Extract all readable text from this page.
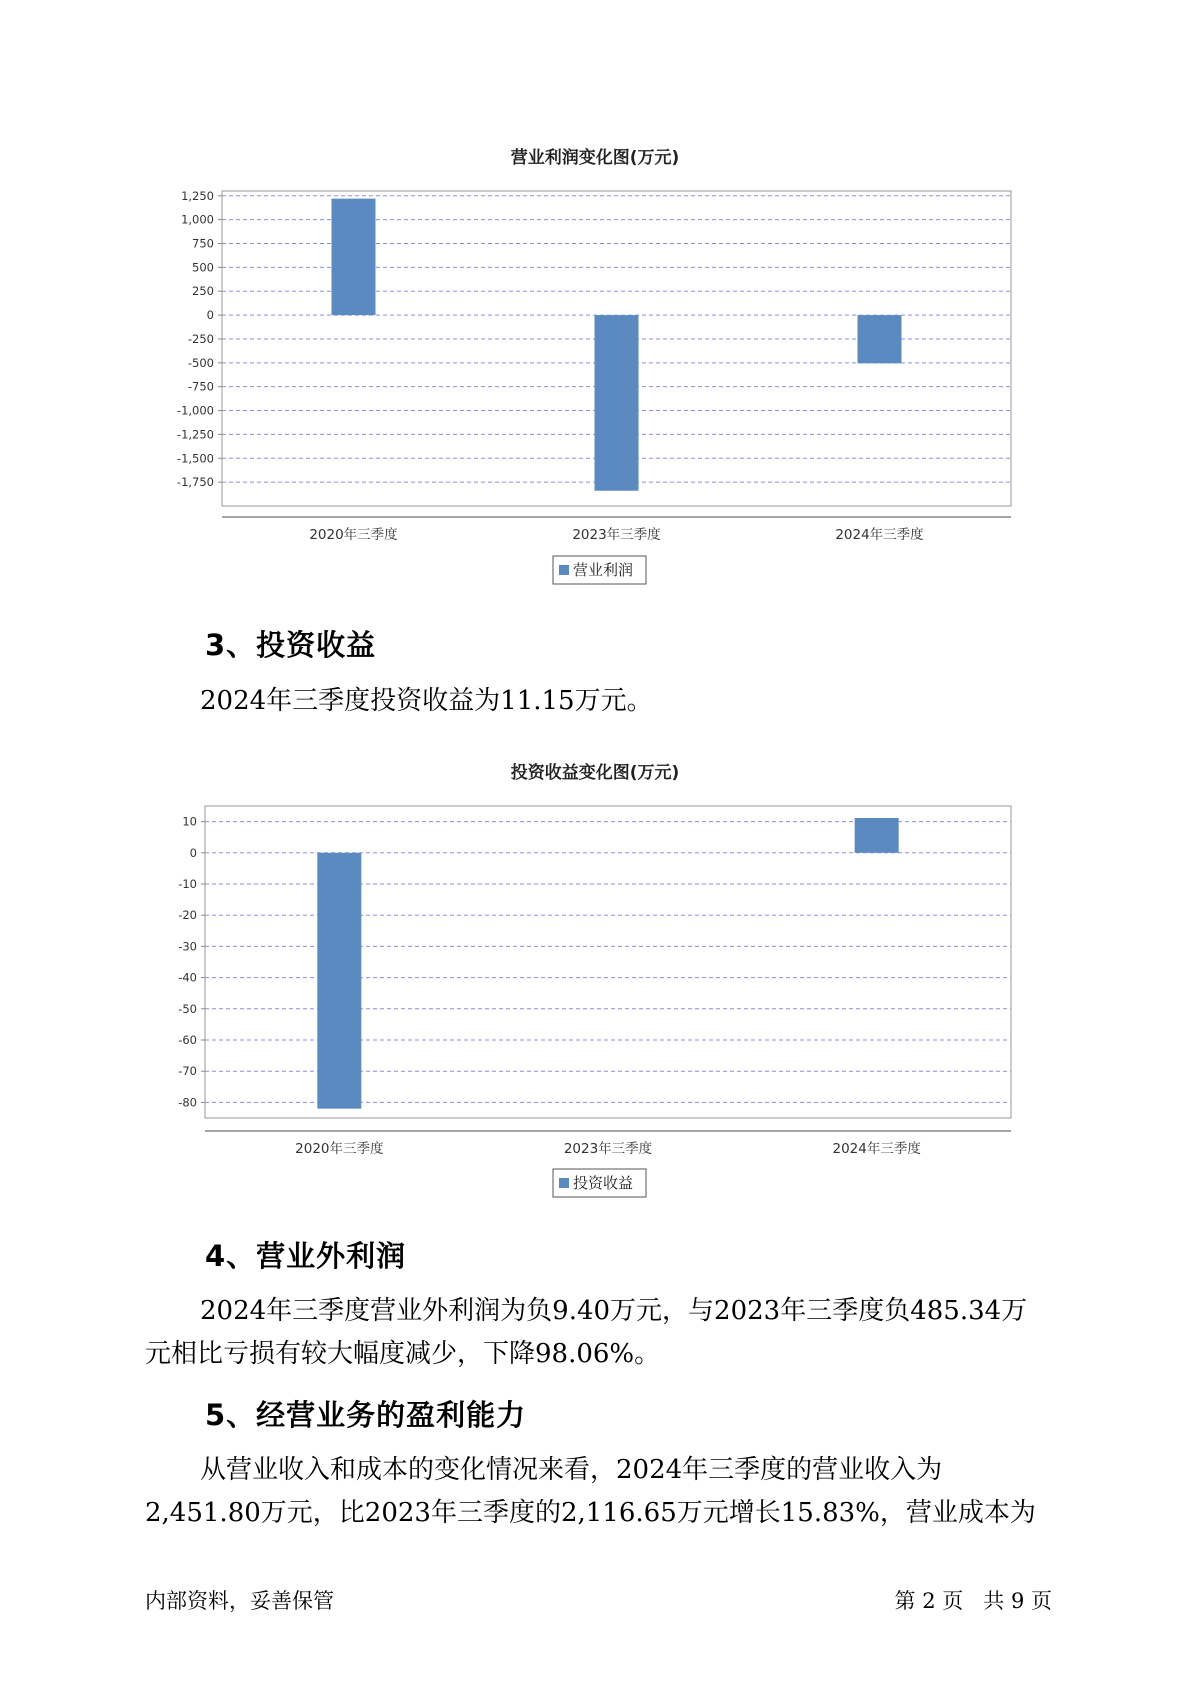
营业利润变化图(万元)
1,250
1,000
750
500
250
0
-250
-500
-750
-1,000
-1,250
-1,500
-1,750
2020年三季度	2023年三季度	2024年三季度
营业利润
3、投资收益

2024年三季度投资收益为11.15万元。

投资收益变化图(万元)
10
0
-10
-20
-30
-40
-50
-60
-70
-80
2020年三季度	2023年三季度	2024年三季度
投资收益
4、营业外利润

2024年三季度营业外利润为负9.40万元，与2023年三季度负485.34万元相比亏损有较大幅度减少，下降98.06%。

5、经营业务的盈利能力

从营业收入和成本的变化情况来看，2024年三季度的营业收入为2,451.80万元，比2023年三季度的2,116.65万元增长15.83%，营业成本为

内部资料，妥善保管	第 2 页   共 9 页
